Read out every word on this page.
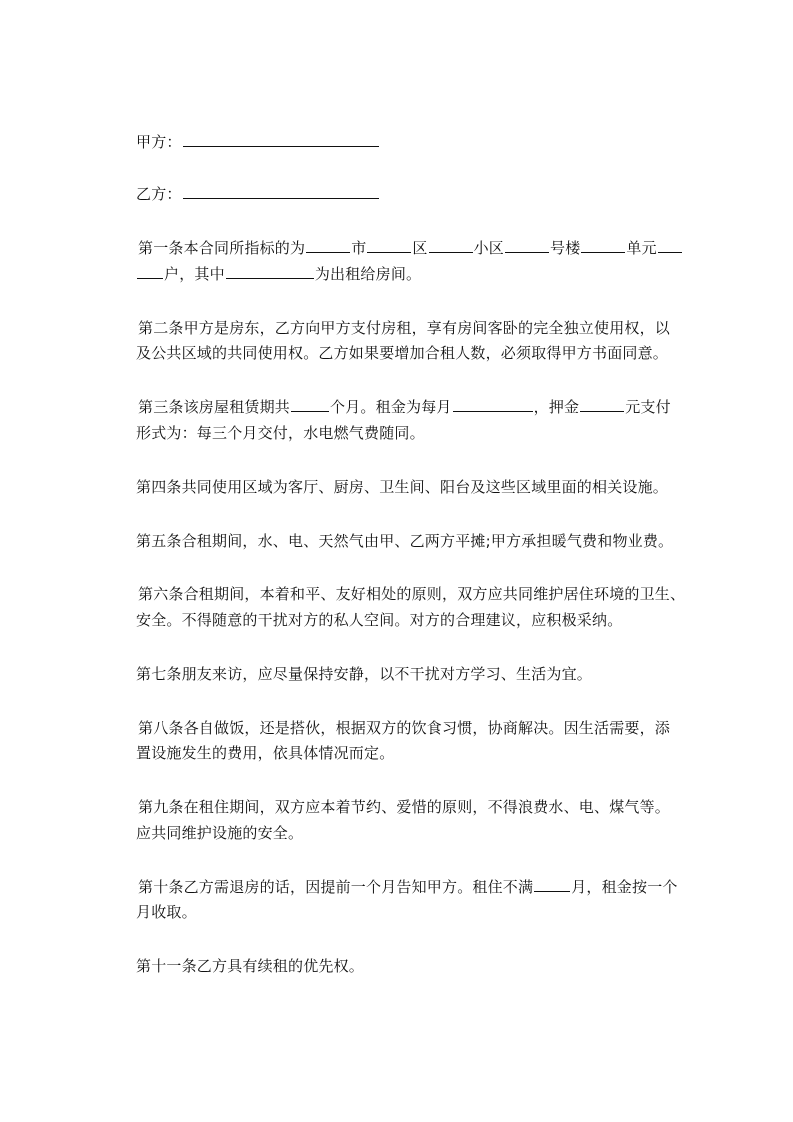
甲方：

乙方：

第一条本合同所指标的为	市	区	小区	号楼	单元

户，其中	为出租给房间。

第二条甲方是房东，乙方向甲方支付房租，享有房间客卧的完全独立使用权，以

及公共区域的共同使用权。乙方如果要增加合租人数，必须取得甲方书面同意。

第三条该房屋租赁期共	个月。租金为每月	，押金	元支付

形式为：每三个月交付，水电燃气费随同。

第四条共同使用区域为客厅、厨房、卫生间、阳台及这些区域里面的相关设施。

第五条合租期间，水、电、天然气由甲、乙两方平摊;甲方承担暖气费和物业费。

第六条合租期间，本着和平、友好相处的原则，双方应共同维护居住环境的卫生、

安全。不得随意的干扰对方的私人空间。对方的合理建议，应积极采纳。

第七条朋友来访，应尽量保持安静，以不干扰对方学习、生活为宜。

第八条各自做饭，还是搭伙，根据双方的饮食习惯，协商解决。因生活需要，添

置设施发生的费用，依具体情况而定。

第九条在租住期间，双方应本着节约、爱惜的原则，不得浪费水、电、煤气等。

应共同维护设施的安全。

第十条乙方需退房的话，因提前一个月告知甲方。租住不满	月，租金按一个

月收取。

第十一条乙方具有续租的优先权。
